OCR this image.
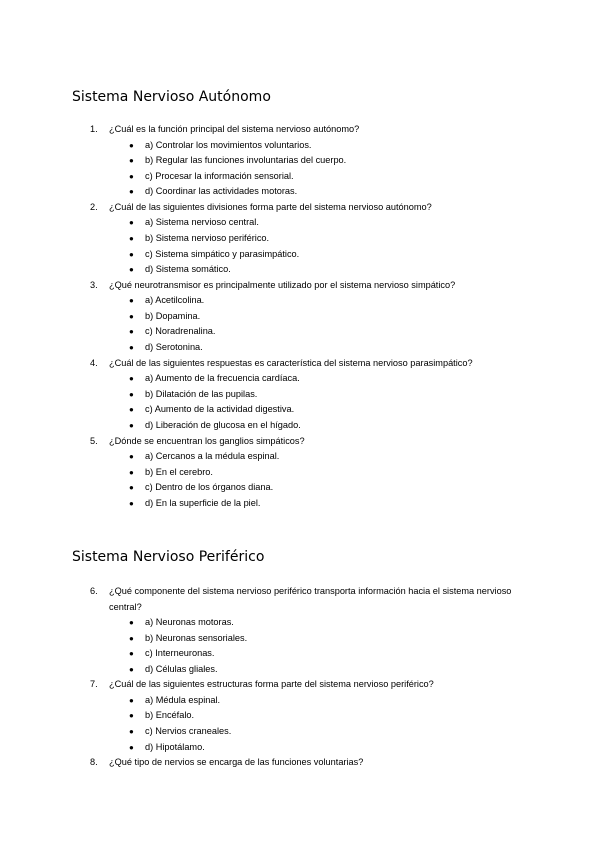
Sistema Nervioso Autónomo
1.	¿Cuál es la función principal del sistema nervioso autónomo?
● a) Controlar los movimientos voluntarios.
● b) Regular las funciones involuntarias del cuerpo.
● c) Procesar la información sensorial.
● d) Coordinar las actividades motoras.
2.	¿Cuál de las siguientes divisiones forma parte del sistema nervioso autónomo?
● a) Sistema nervioso central.
● b) Sistema nervioso periférico.
● c) Sistema simpático y parasimpático.
● d) Sistema somático.
3.	¿Qué neurotransmisor es principalmente utilizado por el sistema nervioso simpático?
● a) Acetilcolina.
● b) Dopamina.
● c) Noradrenalina.
● d) Serotonina.
4.	¿Cuál de las siguientes respuestas es característica del sistema nervioso parasimpático?
● a) Aumento de la frecuencia cardíaca.
● b) Dilatación de las pupilas.
● c) Aumento de la actividad digestiva.
● d) Liberación de glucosa en el hígado.
5.	¿Dónde se encuentran los ganglios simpáticos?
● a) Cercanos a la médula espinal.
● b) En el cerebro.
● c) Dentro de los órganos diana.
● d) En la superficie de la piel.
Sistema Nervioso Periférico
6.	¿Qué componente del sistema nervioso periférico transporta información hacia el sistema nervioso central?
● a) Neuronas motoras.
● b) Neuronas sensoriales.
● c) Interneuronas.
● d) Células gliales.
7.	¿Cuál de las siguientes estructuras forma parte del sistema nervioso periférico?
● a) Médula espinal.
● b) Encéfalo.
● c) Nervios craneales.
● d) Hipotálamo.
8.	¿Qué tipo de nervios se encarga de las funciones voluntarias?
